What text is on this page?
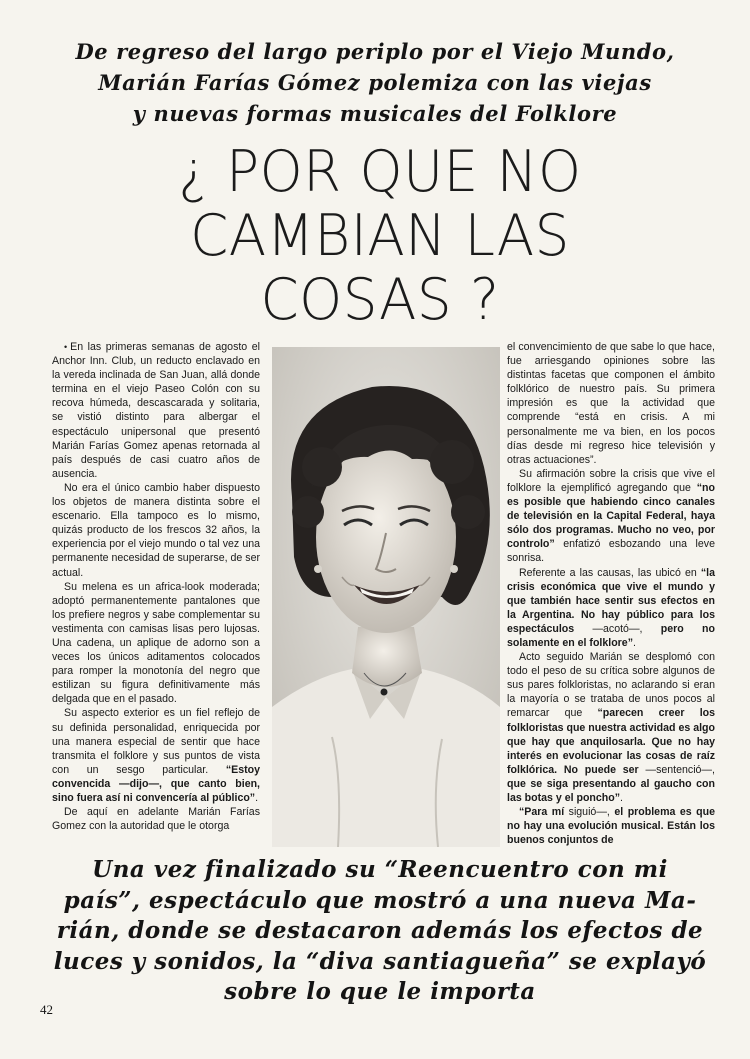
De regreso del largo periplo por el Viejo Mundo,
Marián Farías Gómez polemiza con las viejas
y nuevas formas musicales del Folklore
¿ POR QUE NO
CAMBIAN LAS
COSAS ?

• En las primeras semanas de agosto el Anchor Inn. Club, un reducto enclavado en la vereda inclinada de San Juan, allá donde termina en el viejo Paseo Colón con su recova húmeda, descascarada y solitaria, se vistió distinto para albergar el espectáculo unipersonal que presentó Marián Farías Gomez apenas retornada al país después de casi cuatro años de ausencia.

No era el único cambio haber dispuesto los objetos de manera distinta sobre el escenario. Ella tampoco es lo mismo, quizás producto de los frescos 32 años, la experiencia por el viejo mundo o tal vez una permanente necesidad de superarse, de ser actual.

Su melena es un africa-look moderada; adoptó permanentemente pantalones que los prefiere negros y sabe complementar su vestimenta con camisas lisas pero lujosas. Una cadena, un aplique de adorno son a veces los únicos aditamentos colocados para romper la monotonía del negro que estilizan su figura definitivamente más delgada que en el pasado.

Su aspecto exterior es un fiel reflejo de su definida personalidad, enriquecida por una manera especial de sentir que hace transmita el folklore y sus puntos de vista con un sesgo particular. “Estoy convencida —dijo—, que canto bien, sino fuera así ni convencería al público”.

De aquí en adelante Marián Farías Gomez con la autoridad que le otorga

el convencimiento de que sabe lo que hace, fue arriesgando opiniones sobre las distintas facetas que componen el ámbito folklórico de nuestro país. Su primera impresión es que la actividad que comprende “está en crisis. A mi personalmente me va bien, en los pocos días desde mi regreso hice televisión y otras actuaciones”.

Su afirmación sobre la crisis que vive el folklore la ejemplificó agregando que “no es posible que habiendo cinco canales de televisión en la Capital Federal, haya sólo dos programas. Mucho no veo, por controlo” enfatizó esbozando una leve sonrisa.

Referente a las causas, las ubicó en “la crisis económica que vive el mundo y que también hace sentir sus efectos en la Argentina. No hay público para los espectáculos —acotó—, pero no solamente en el folklore”.

Acto seguido Marián se desplomó con todo el peso de su crítica sobre algunos de sus pares folkloristas, no aclarando si eran la mayoría o se trataba de unos pocos al remarcar que “parecen creer los folkloristas que nuestra actividad es algo que hay que anquilosarla. Que no hay interés en evolucionar las cosas de raíz folklórica. No puede ser —sentenció—, que se siga presentando al gaucho con las botas y el poncho”.

“Para mí siguió—, el problema es que no hay una evolución musical. Están los buenos conjuntos de

Una vez finalizado su “Reencuentro con mi
país”, espectáculo que mostró a una nueva Ma-
rián, donde se destacaron además los efectos de
luces y sonidos, la “diva santiagueña” se explayó
sobre lo que le importa
42
